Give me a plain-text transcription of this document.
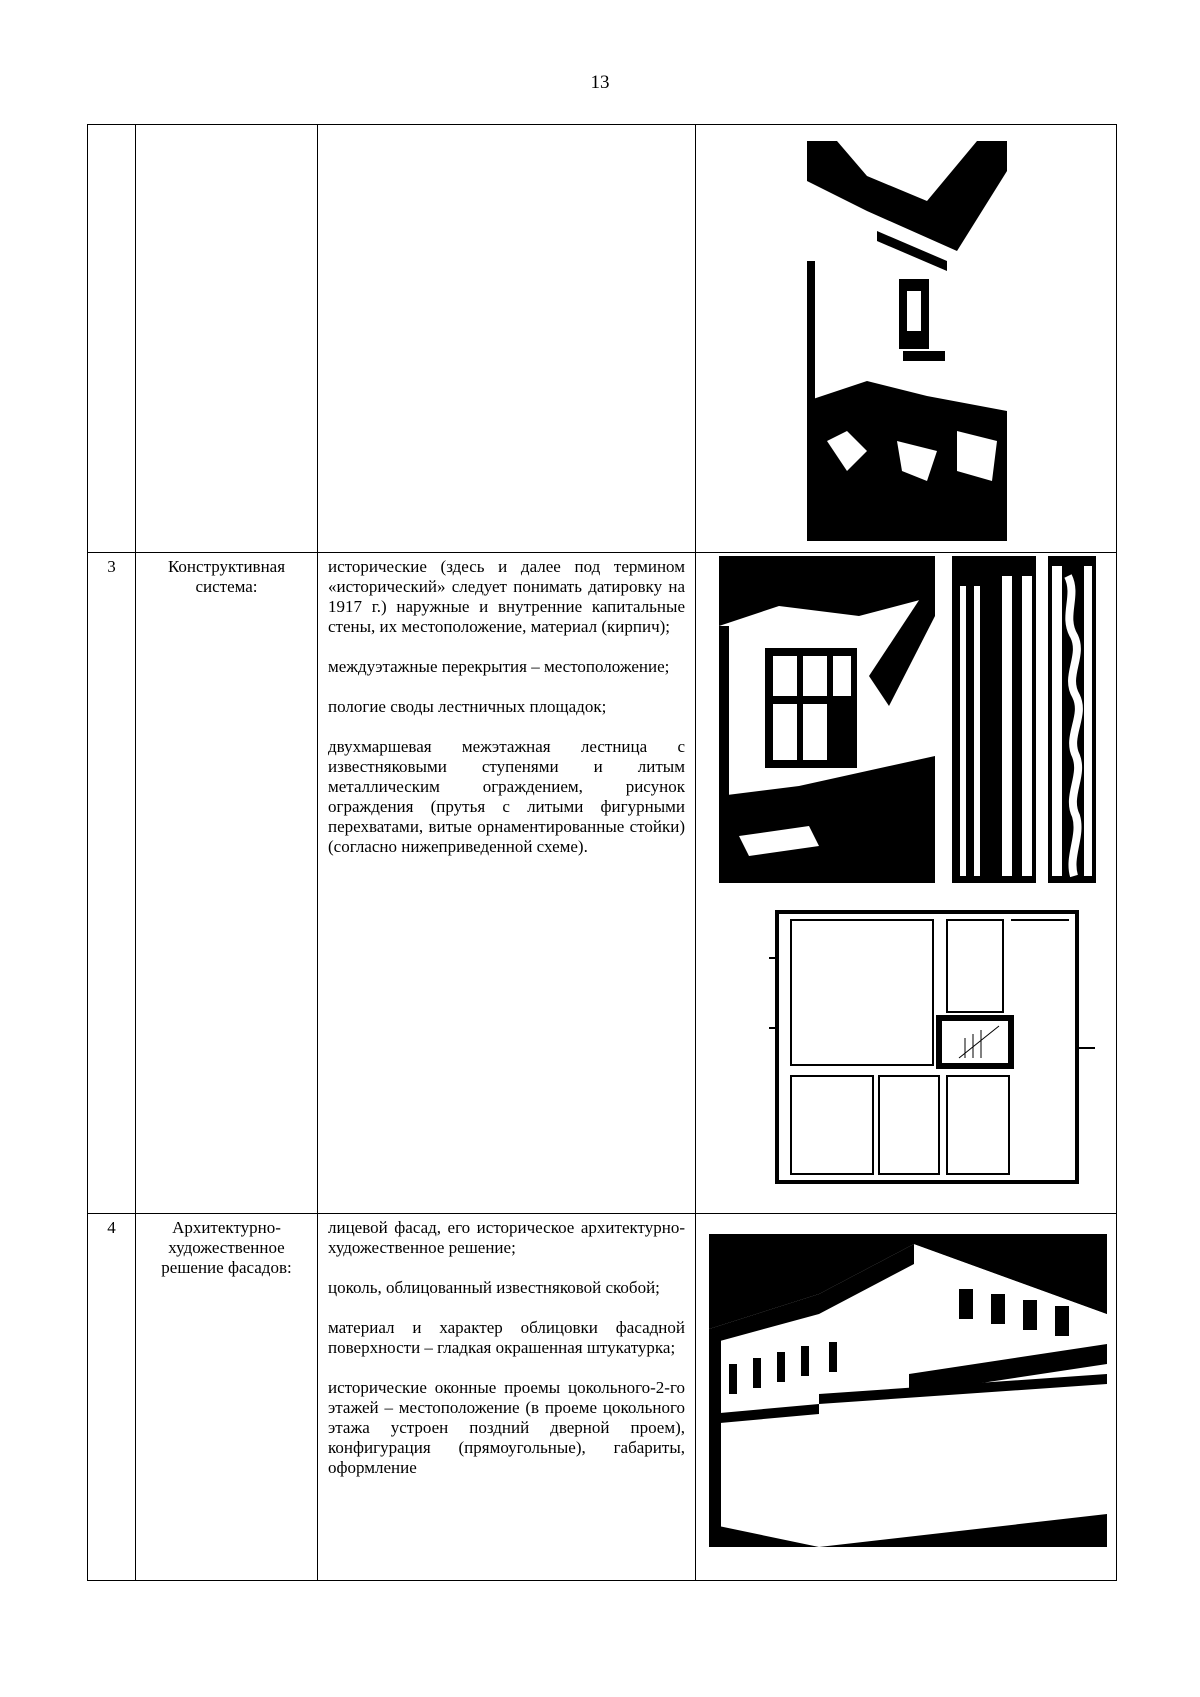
13

3	Конструктивная система:	исторические (здесь и далее под термином «исторический» следует понимать датировку на 1917 г.) наружные и внутренние капитальные стены, их местоположение, материал (кирпич);

междуэтажные перекрытия – местоположение;

пологие своды лестничных площадок;

двухмаршевая межэтажная лестница с известняковыми ступенями и литым металлическим ограждением, рисунок ограждения (прутья с литыми фигурными перехватами, витые орнаментированные стойки) (согласно нижеприведенной схеме).

4	Архитектурно-художественное решение фасадов:	лицевой фасад, его историческое архитектурно-художественное решение;

цоколь, облицованный известняковой скобой;

материал и характер облицовки фасадной поверхности – гладкая окрашенная штукатурка;

исторические оконные проемы цокольного-2-го этажей – местоположение (в проеме цокольного этажа устроен поздний дверной проем), конфигурация (прямоугольные), габариты, оформление
